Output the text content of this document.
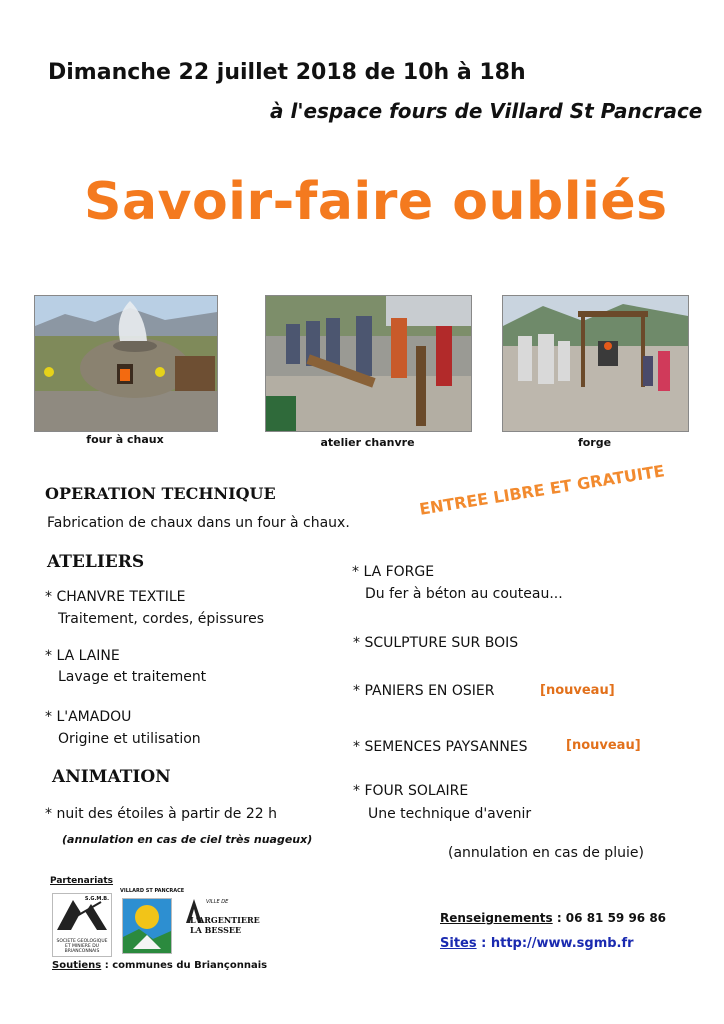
Dimanche 22 juillet 2018 de 10h à 18h
à l'espace fours de Villard St Pancrace
Savoir-faire oubliés
four à chaux	atelier chanvre	forge
OPERATION TECHNIQUE
Fabrication de chaux dans un four à chaux.
ENTREE LIBRE ET GRATUITE
ATELIERS
* CHANVRE TEXTILE
Traitement, cordes, épissures
* LA LAINE
Lavage et traitement
* L'AMADOU
Origine et utilisation
* LA FORGE
Du fer à béton au couteau...
* SCULPTURE SUR BOIS
* PANIERS EN OSIER	[nouveau]
* SEMENCES PAYSANNES	[nouveau]
* FOUR SOLAIRE
Une technique d'avenir
(annulation en cas de pluie)
ANIMATION
* nuit des étoiles à partir de 22 h
(annulation en cas de ciel très nuageux)
Partenariats
S.G.M.B.
SOCIETE GEOLOGIQUE ET MINIERE DU BRIANCONNAIS
VILLARD ST PANCRACE
VILLE DE
L'ARGENTIERE
LA BESSEE
Soutiens : communes du Briançonnais
Renseignements : 06 81 59 96 86
Sites : http://www.sgmb.fr
